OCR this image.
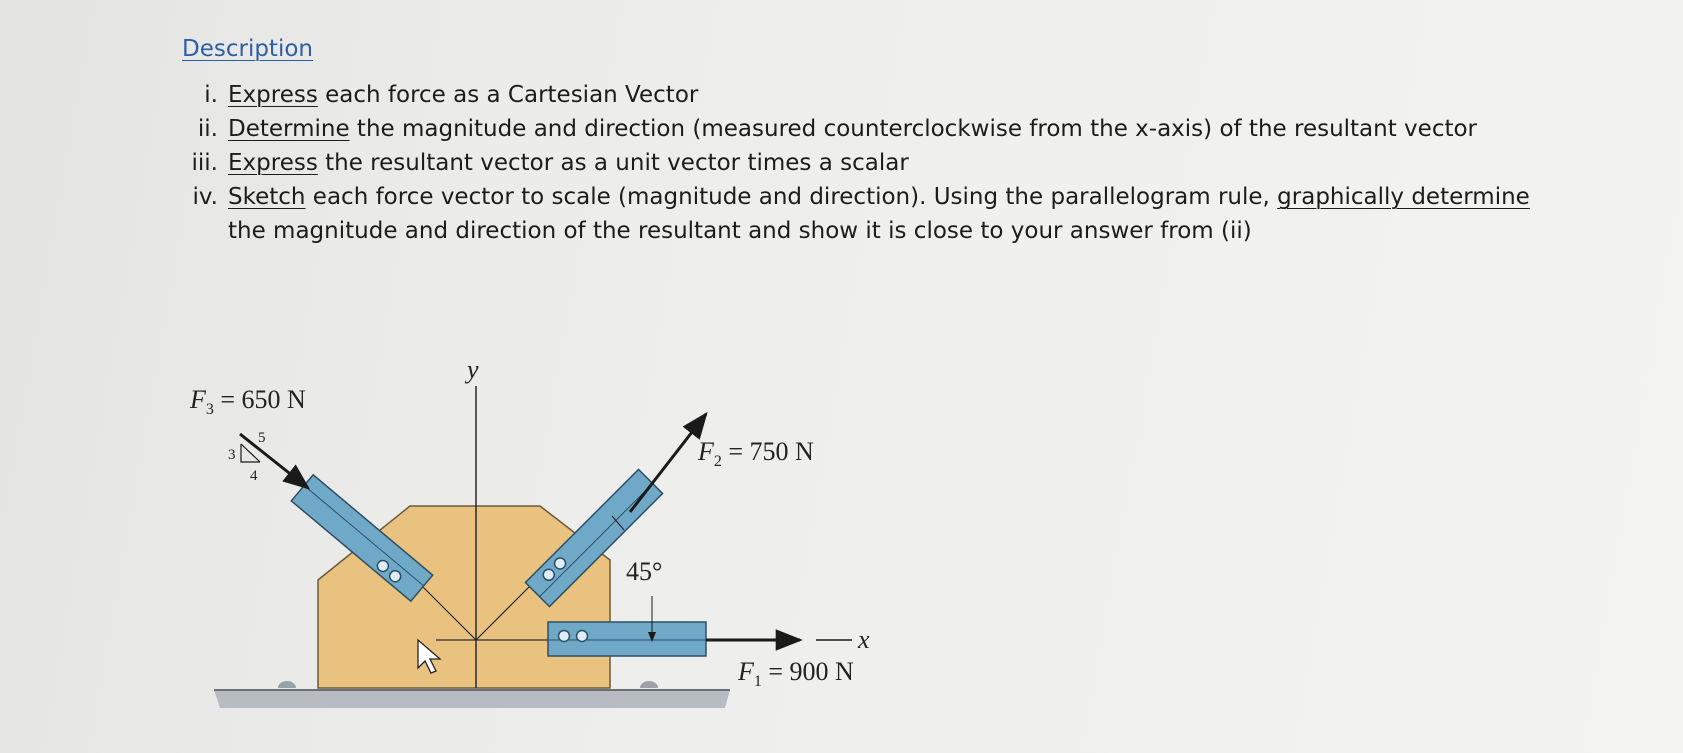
Description
i. Express each force as a Cartesian Vector
ii. Determine the magnitude and direction (measured counterclockwise from the x-axis) of the resultant vector
iii. Express the resultant vector as a unit vector times a scalar
iv. Sketch each force vector to scale (magnitude and direction). Using the parallelogram rule, graphically determine
the magnitude and direction of the resultant and show it is close to your answer from (ii)
y
x
$F_3 = 650$ N
3
4
5	$F_2 = 750$ N
45°
$F_1 = 900$ N
